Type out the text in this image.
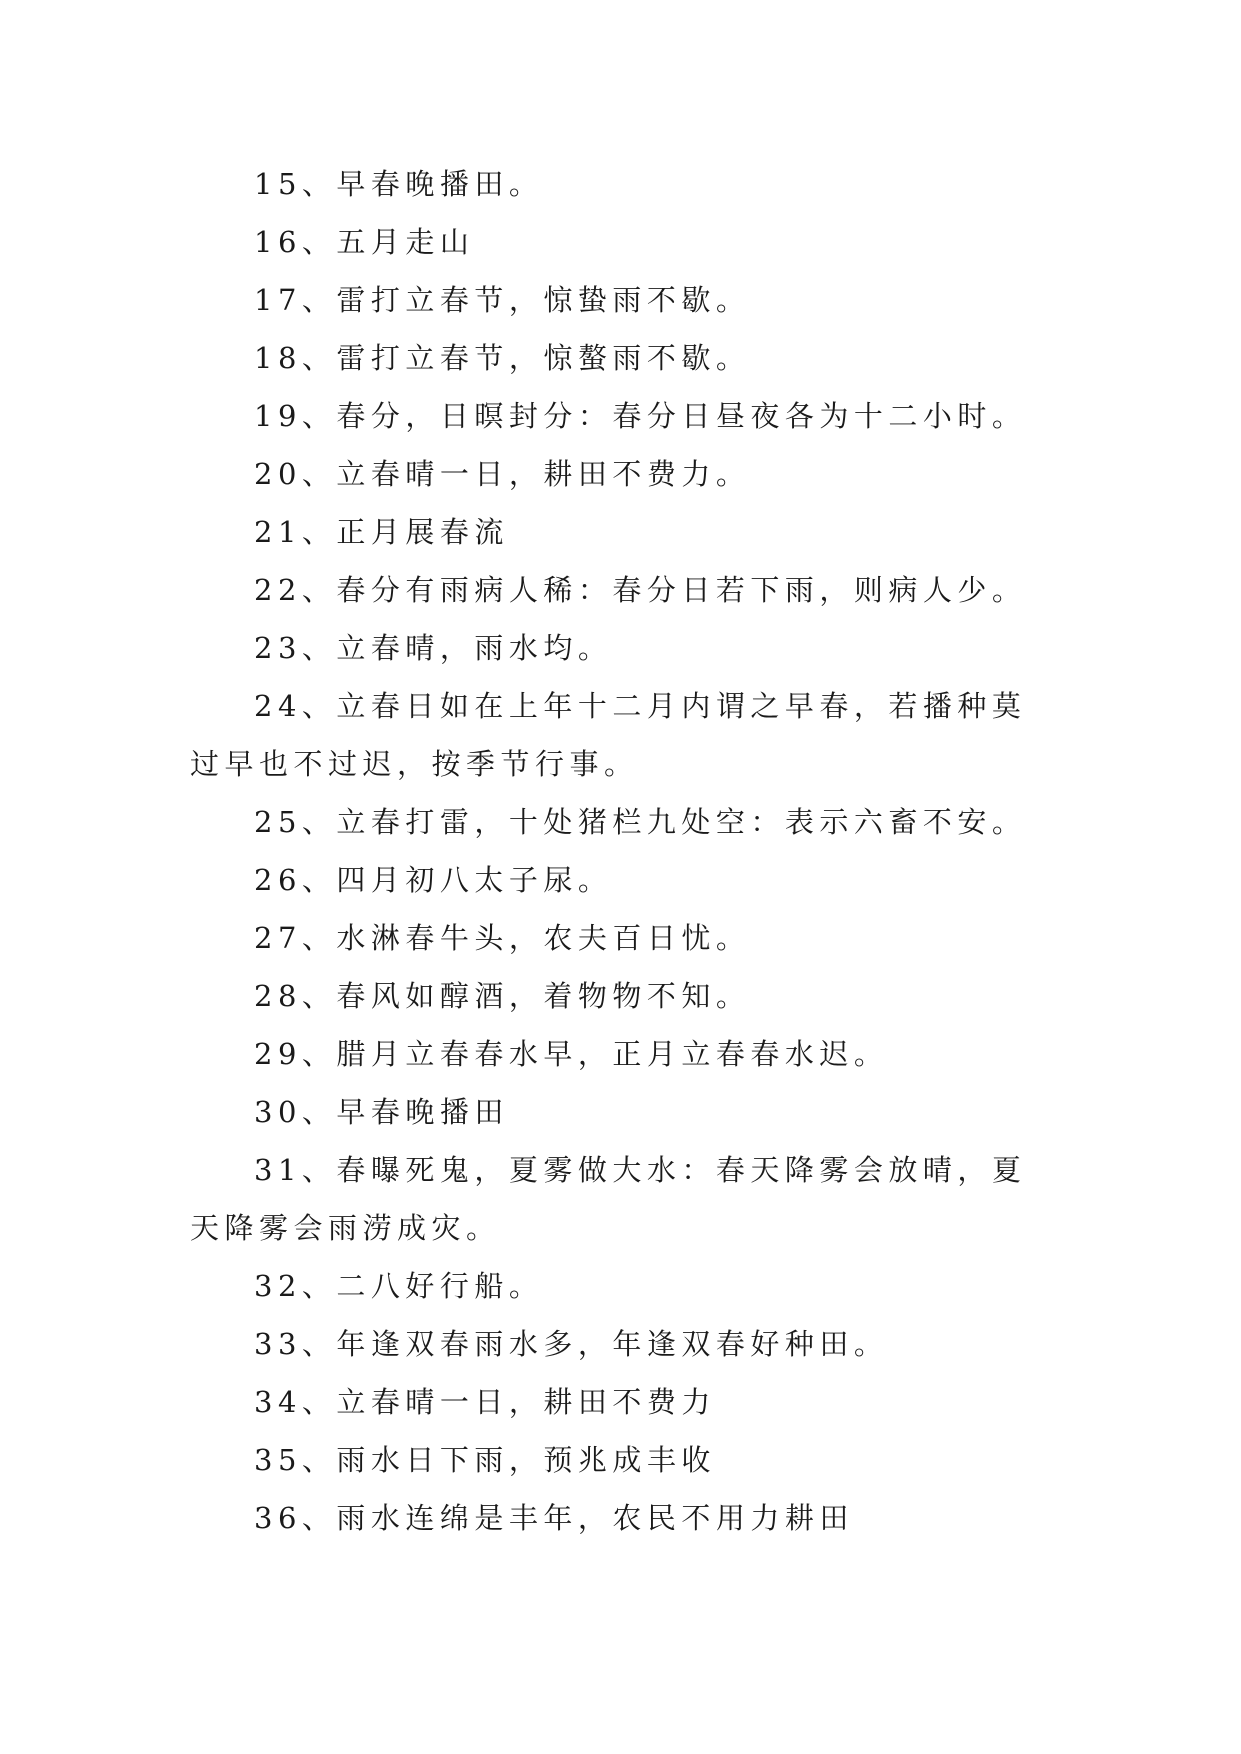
15、早春晚播田。

16、五月走山

17、雷打立春节，惊蛰雨不歇。

18、雷打立春节，惊螯雨不歇。

19、春分，日暝封分：春分日昼夜各为十二小时。

20、立春晴一日，耕田不费力。

21、正月展春流

22、春分有雨病人稀：春分日若下雨，则病人少。

23、立春晴，雨水均。

24、立春日如在上年十二月内谓之早春，若播种莫过早也不过迟，按季节行事。

25、立春打雷，十处猪栏九处空：表示六畜不安。

26、四月初八太子尿。

27、水淋春牛头，农夫百日忧。

28、春风如醇酒，着物物不知。

29、腊月立春春水早，正月立春春水迟。

30、早春晚播田

31、春曝死鬼，夏雾做大水：春天降雾会放晴，夏天降雾会雨涝成灾。

32、二八好行船。

33、年逢双春雨水多，年逢双春好种田。

34、立春晴一日，耕田不费力

35、雨水日下雨，预兆成丰收

36、雨水连绵是丰年，农民不用力耕田
